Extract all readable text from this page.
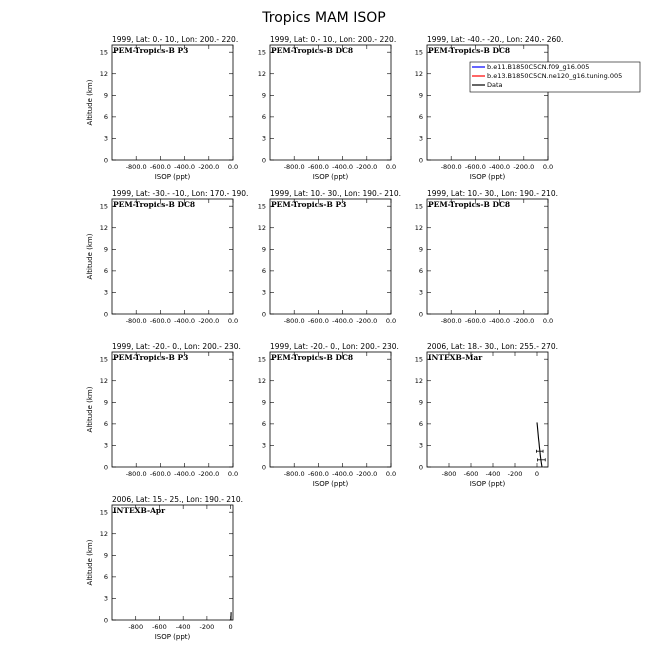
Tropics MAM ISOP
1999, Lat: 0.- 10., Lon: 200.- 220.
PEM-Tropics-B P3
-800.0 -600.0 -400.0 -200.0 0.0
0
3
6
9
12
15
ISOP (ppt)
Altitude (km)
1999, Lat: 0.- 10., Lon: 200.- 220.
PEM-Tropics-B DC8
-800.0 -600.0 -400.0 -200.0 0.0
0
3
6
9
12
15
ISOP (ppt)
1999, Lat: -40.- -20., Lon: 240.- 260.
PEM-Tropics-B DC8
-800.0 -600.0 -400.0 -200.0 0.0
0
3
6
9
12
15
ISOP (ppt)
1999, Lat: -30.- -10., Lon: 170.- 190.
PEM-Tropics-B DC8
-800.0 -600.0 -400.0 -200.0 0.0
0
3
6
9
12
15
Altitude (km)
1999, Lat: 10.- 30., Lon: 190.- 210.
PEM-Tropics-B P3
-800.0 -600.0 -400.0 -200.0 0.0
0
3
6
9
12
15
1999, Lat: 10.- 30., Lon: 190.- 210.
PEM-Tropics-B DC8
-800.0 -600.0 -400.0 -200.0 0.0
0
3
6
9
12
15
1999, Lat: -20.- 0., Lon: 200.- 230.
PEM-Tropics-B P3
-800.0 -600.0 -400.0 -200.0 0.0
0
3
6
9
12
15
Altitude (km)
1999, Lat: -20.- 0., Lon: 200.- 230.
PEM-Tropics-B DC8
-800.0 -600.0 -400.0 -200.0 0.0
0
3
6
9
12
15
ISOP (ppt)
2006, Lat: 18.- 30., Lon: 255.- 270.
INTEXB-Mar
-800 -600 -400 -200 0
0
3
6
9
12
15
ISOP (ppt)
2006, Lat: 15.- 25., Lon: 190.- 210.
INTEXB-Apr
-800 -600 -400 -200 0
0
3
6
9
12
15
ISOP (ppt)
Altitude (km)
b.e11.B1850C5CN.f09_g16.005
b.e13.B1850C5CN.ne120_g16.tuning.005
Data
